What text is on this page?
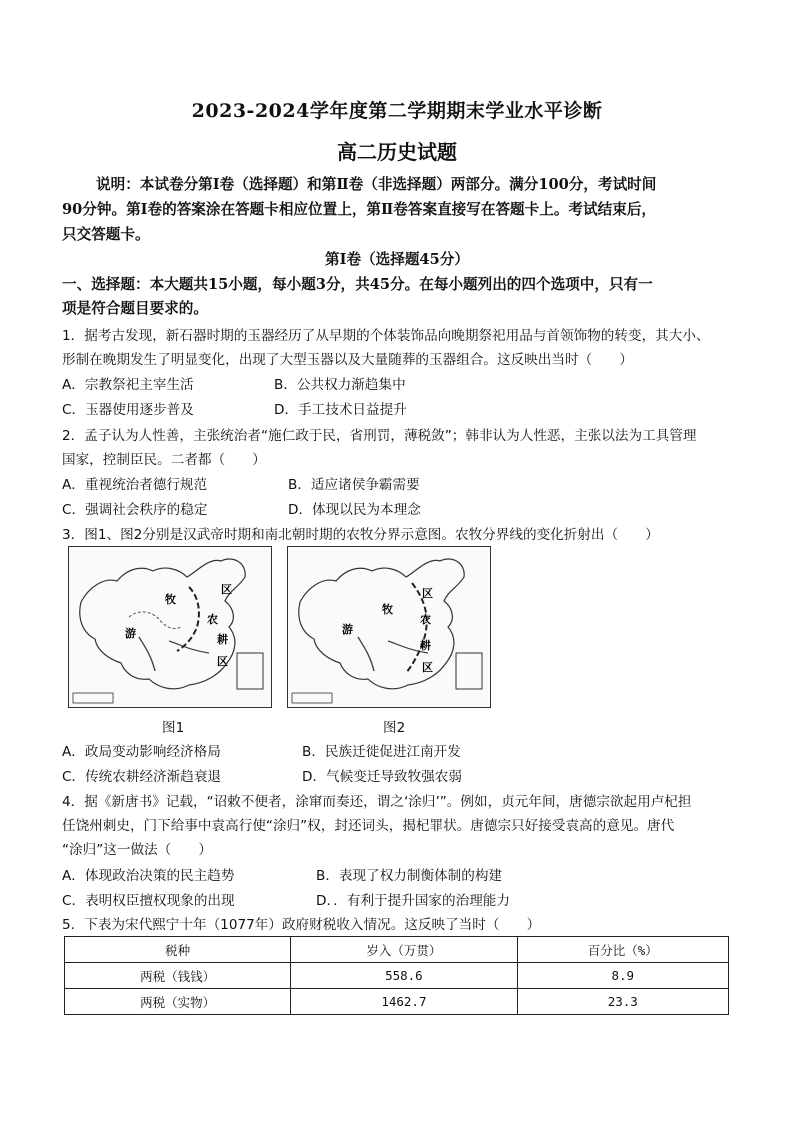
2023-2024学年度第二学期期末学业水平诊断
高二历史试题
说明：本试卷分第Ⅰ卷（选择题）和第Ⅱ卷（非选择题）两部分。满分100分，考试时间
90分钟。第Ⅰ卷的答案涂在答题卡相应位置上，第Ⅱ卷答案直接写在答题卡上。考试结束后，
只交答题卡。
第Ⅰ卷（选择题45分）
一、选择题：本大题共15小题，每小题3分，共45分。在每小题列出的四个选项中，只有一
项是符合题目要求的。
1．据考古发现，新石器时期的玉器经历了从早期的个体装饰品向晚期祭祀用品与首领饰物的转变，其大小、
形制在晚期发生了明显变化，出现了大型玉器以及大量随葬的玉器组合。这反映出当时（　　）
A．宗教祭祀主宰生活	B．公共权力渐趋集中
C．玉器使用逐步普及	D．手工技术日益提升
2．孟子认为人性善，主张统治者“施仁政于民，省刑罚，薄税敛”；韩非认为人性恶，主张以法为工具管理
国家，控制臣民。二者都（　　）
A．重视统治者德行规范	B．适应诸侯争霸需要
C．强调社会秩序的稳定	D．体现以民为本理念
3．图1、图2分别是汉武帝时期和南北朝时期的农牧分界示意图。农牧分界线的变化折射出（　　）
牧
区
农
游	耕
区
牧
区
农
游
耕
区
图1	图2
A．政局变动影响经济格局	B．民族迁徙促进江南开发
C．传统农耕经济渐趋衰退	D．气候变迁导致牧强农弱
4．据《新唐书》记载，“诏敕不便者，涂窜而奏还，谓之‘涂归’”。例如，贞元年间，唐德宗欲起用卢杞担
任饶州刺史，门下给事中袁高行使“涂归”权，封还词头，揭杞罪状。唐德宗只好接受袁高的意见。唐代
“涂归”这一做法（　　）
A．体现政治决策的民主趋势	B．表现了权力制衡体制的构建
C．表明权臣擅权现象的出现	D．．有利于提升国家的治理能力
5．下表为宋代熙宁十年（1077年）政府财税收入情况。这反映了当时（　　）
税种	岁入（万贯）	百分比（%）
两税（钱钱）	558.6	8.9
两税（实物）	1462.7	23.3
